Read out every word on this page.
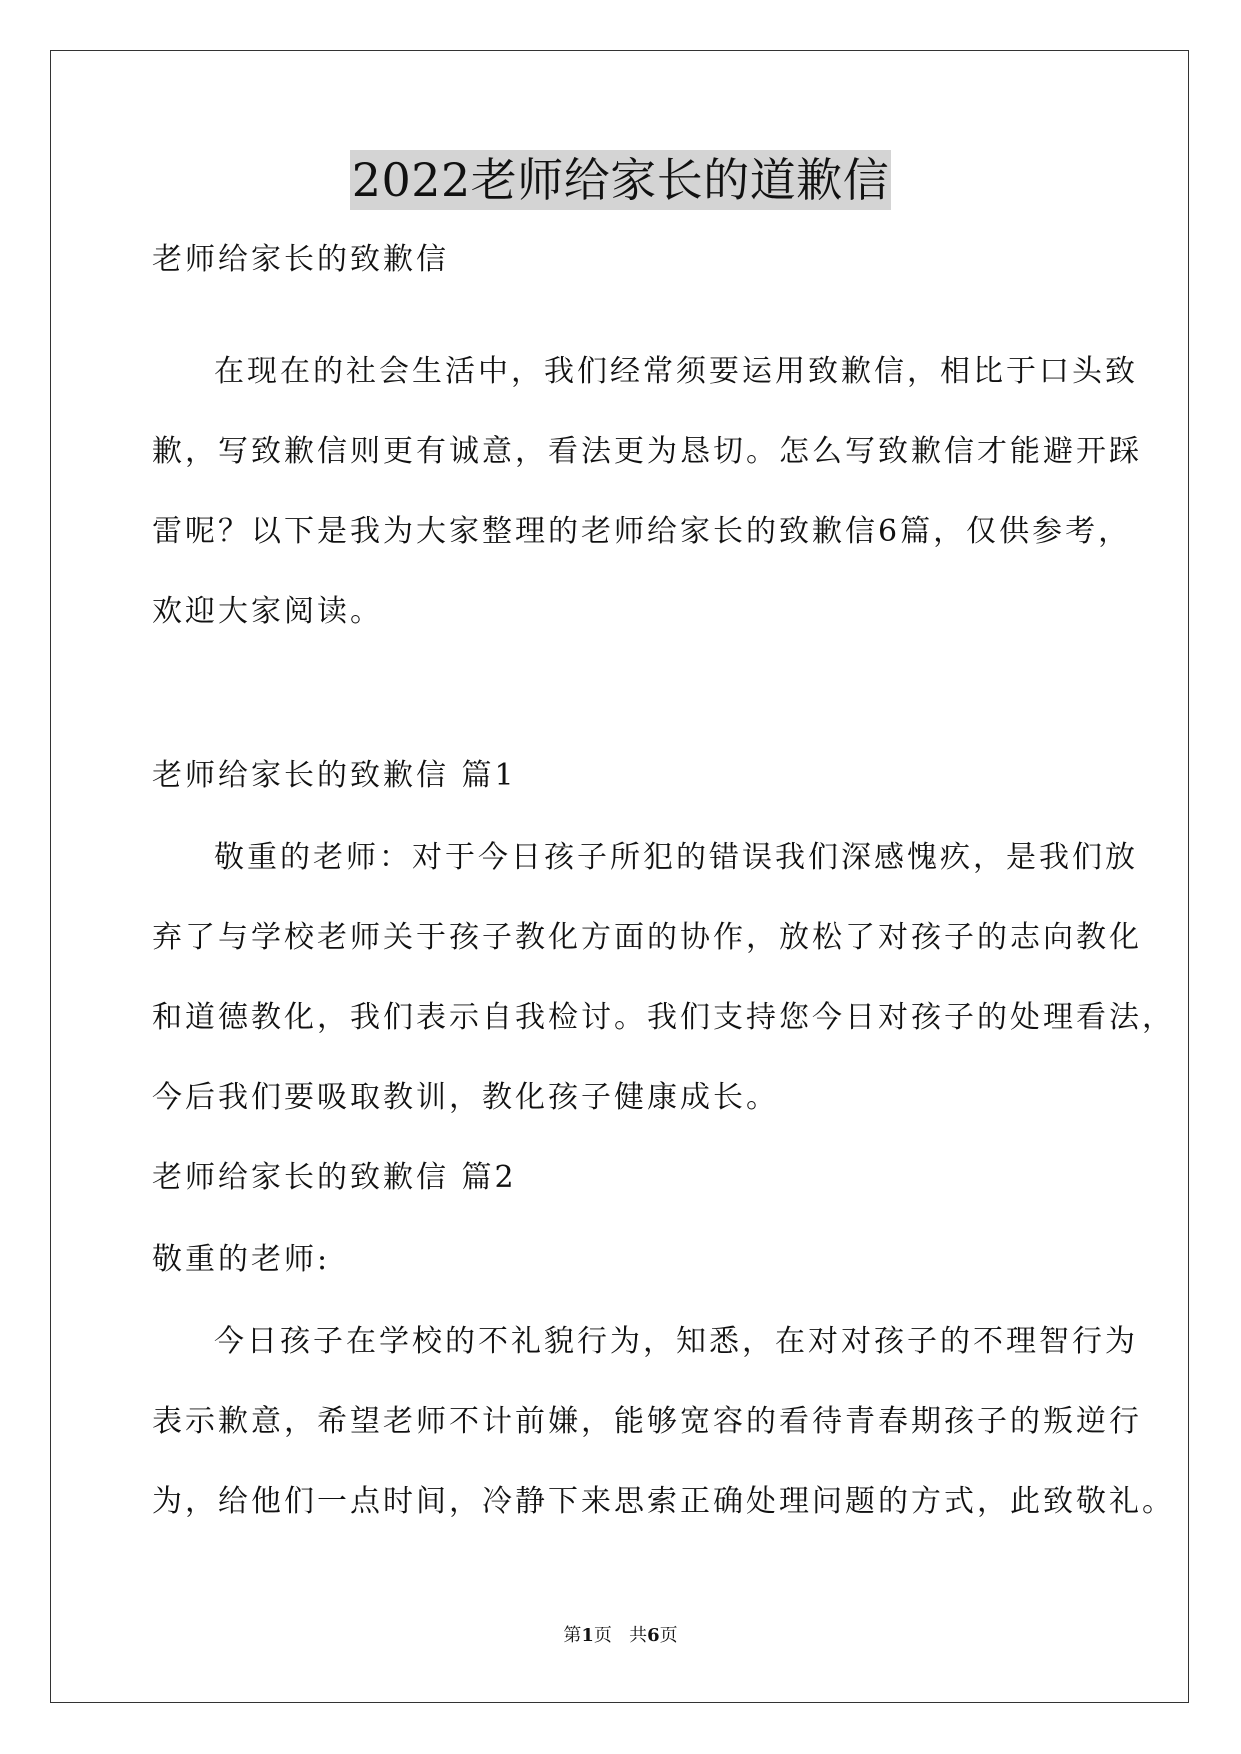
2022老师给家长的道歉信
老师给家长的致歉信
在现在的社会生活中，我们经常须要运用致歉信，相比于口头致
歉，写致歉信则更有诚意，看法更为恳切。怎么写致歉信才能避开踩
雷呢？以下是我为大家整理的老师给家长的致歉信6篇，仅供参考，
欢迎大家阅读。
老师给家长的致歉信 篇1
敬重的老师：对于今日孩子所犯的错误我们深感愧疚，是我们放
弃了与学校老师关于孩子教化方面的协作，放松了对孩子的志向教化
和道德教化，我们表示自我检讨。我们支持您今日对孩子的处理看法，
今后我们要吸取教训，教化孩子健康成长。
老师给家长的致歉信 篇2
敬重的老师:
今日孩子在学校的不礼貌行为，知悉，在对对孩子的不理智行为
表示歉意，希望老师不计前嫌，能够宽容的看待青春期孩子的叛逆行
为，给他们一点时间，冷静下来思索正确处理问题的方式，此致敬礼。
第1页 共6页
